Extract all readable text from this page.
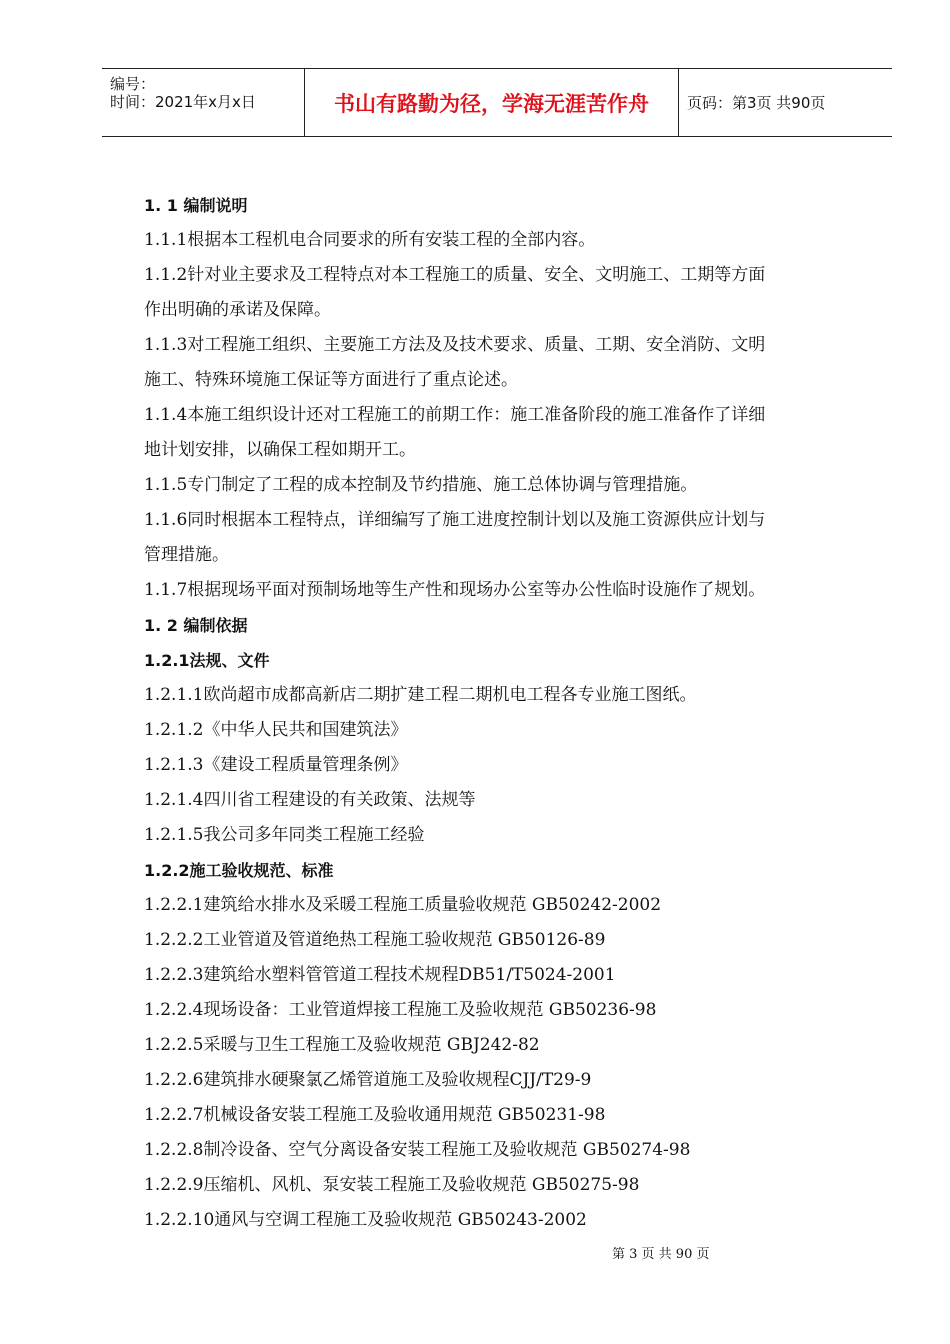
编号：
时间：2021年x月x日	书山有路勤为径，学海无涯苦作舟	页码：第3页 共90页
1. 1 编制说明
1.1.1根据本工程机电合同要求的所有安装工程的全部内容。
1.1.2针对业主要求及工程特点对本工程施工的质量、安全、文明施工、工期等方面
作出明确的承诺及保障。
1.1.3对工程施工组织、主要施工方法及及技术要求、质量、工期、安全消防、文明
施工、特殊环境施工保证等方面进行了重点论述。
1.1.4本施工组织设计还对工程施工的前期工作：施工准备阶段的施工准备作了详细
地计划安排，以确保工程如期开工。
1.1.5专门制定了工程的成本控制及节约措施、施工总体协调与管理措施。
1.1.6同时根据本工程特点，详细编写了施工进度控制计划以及施工资源供应计划与
管理措施。
1.1.7根据现场平面对预制场地等生产性和现场办公室等办公性临时设施作了规划。
1. 2 编制依据
1.2.1法规、文件
1.2.1.1欧尚超市成都高新店二期扩建工程二期机电工程各专业施工图纸。
1.2.1.2《中华人民共和国建筑法》
1.2.1.3《建设工程质量管理条例》
1.2.1.4四川省工程建设的有关政策、法规等
1.2.1.5我公司多年同类工程施工经验
1.2.2施工验收规范、标准
1.2.2.1建筑给水排水及采暖工程施工质量验收规范 GB50242-2002
1.2.2.2工业管道及管道绝热工程施工验收规范 GB50126-89
1.2.2.3建筑给水塑料管管道工程技术规程DB51/T5024-2001
1.2.2.4现场设备：工业管道焊接工程施工及验收规范 GB50236-98
1.2.2.5采暖与卫生工程施工及验收规范 GBJ242-82
1.2.2.6建筑排水硬聚氯乙烯管道施工及验收规程CJJ/T29-9
1.2.2.7机械设备安装工程施工及验收通用规范 GB50231-98
1.2.2.8制冷设备、空气分离设备安装工程施工及验收规范 GB50274-98
1.2.2.9压缩机、风机、泵安装工程施工及验收规范 GB50275-98
1.2.2.10通风与空调工程施工及验收规范 GB50243-2002
第 3 页 共 90 页
